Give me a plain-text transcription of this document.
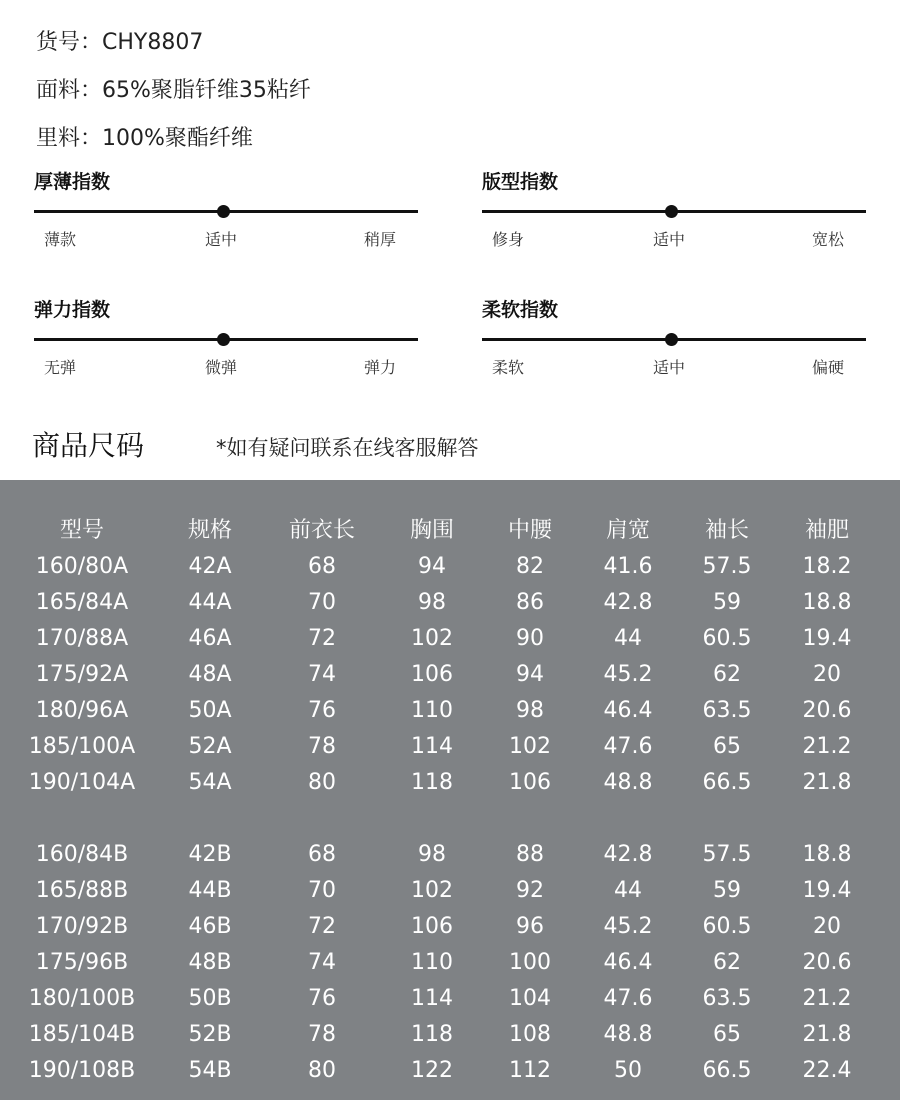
货号：CHY8807
面料：65%聚脂钎维35粘纤
里料：100%聚酯纤维
厚薄指数
薄款	适中	稍厚
版型指数
修身	适中	宽松
弹力指数
无弹	微弹	弹力
柔软指数
柔软	适中	偏硬
商品尺码	*如有疑问联系在线客服解答
型号	规格	前衣长	胸围	中腰	肩宽	袖长	袖肥
160/80A	42A	68	94	82	41.6	57.5	18.2
165/84A	44A	70	98	86	42.8	59	18.8
170/88A	46A	72	102	90	44	60.5	19.4
175/92A	48A	74	106	94	45.2	62	20
180/96A	50A	76	110	98	46.4	63.5	20.6
185/100A	52A	78	114	102	47.6	65	21.2
190/104A	54A	80	118	106	48.8	66.5	21.8
160/84B	42B	68	98	88	42.8	57.5	18.8
165/88B	44B	70	102	92	44	59	19.4
170/92B	46B	72	106	96	45.2	60.5	20
175/96B	48B	74	110	100	46.4	62	20.6
180/100B	50B	76	114	104	47.6	63.5	21.2
185/104B	52B	78	118	108	48.8	65	21.8
190/108B	54B	80	122	112	50	66.5	22.4
